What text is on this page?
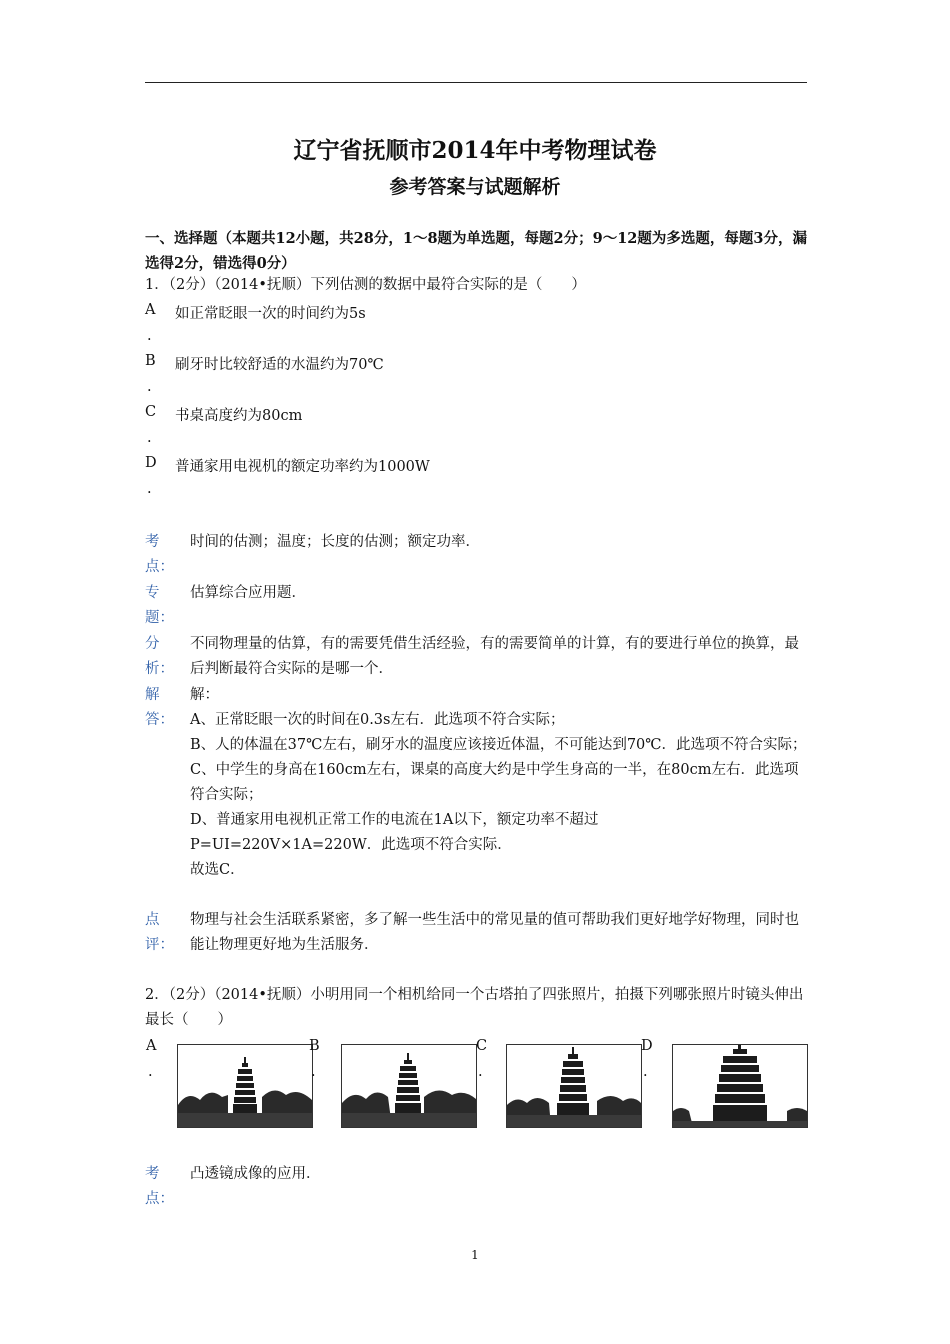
辽宁省抚顺市2014年中考物理试卷
参考答案与试题解析
一、选择题（本题共12小题，共28分，1～8题为单选题，每题2分；9～12题为多选题，每题3分，漏选得2分，错选得0分）
1．（2分）（2014•抚顺）下列估测的数据中最符合实际的是（　　）
A 如正常眨眼一次的时间约为5s
.
B 刷牙时比较舒适的水温约为70℃
.
C 书桌高度约为80cm
.
D 普通家用电视机的额定功率约为1000W
.
考
点：
时间的估测；温度；长度的估测；额定功率．
专
题：
估算综合应用题．
分
析：
不同物理量的估算，有的需要凭借生活经验，有的需要简单的计算，有的要进行单位的换算，最后判断最符合实际的是哪一个．
解
答：
解：
A、正常眨眼一次的时间在0.3s左右．此选项不符合实际；
B、人的体温在37℃左右，刷牙水的温度应该接近体温，不可能达到70℃．此选项不符合实际；
C、中学生的身高在160cm左右，课桌的高度大约是中学生身高的一半，在80cm左右．此选项符合实际；
D、普通家用电视机正常工作的电流在1A以下，额定功率不超过P=UI=220V×1A=220W．此选项不符合实际．
故选C．
点
评：
物理与社会生活联系紧密，多了解一些生活中的常见量的值可帮助我们更好地学好物理，同时也能让物理更好地为生活服务．
2．（2分）（2014•抚顺）小明用同一个相机给同一个古塔拍了四张照片，拍摄下列哪张照片时镜头伸出最长（　　）
A
.
B
.
C
.
D
.
考
点：
凸透镜成像的应用．
1
